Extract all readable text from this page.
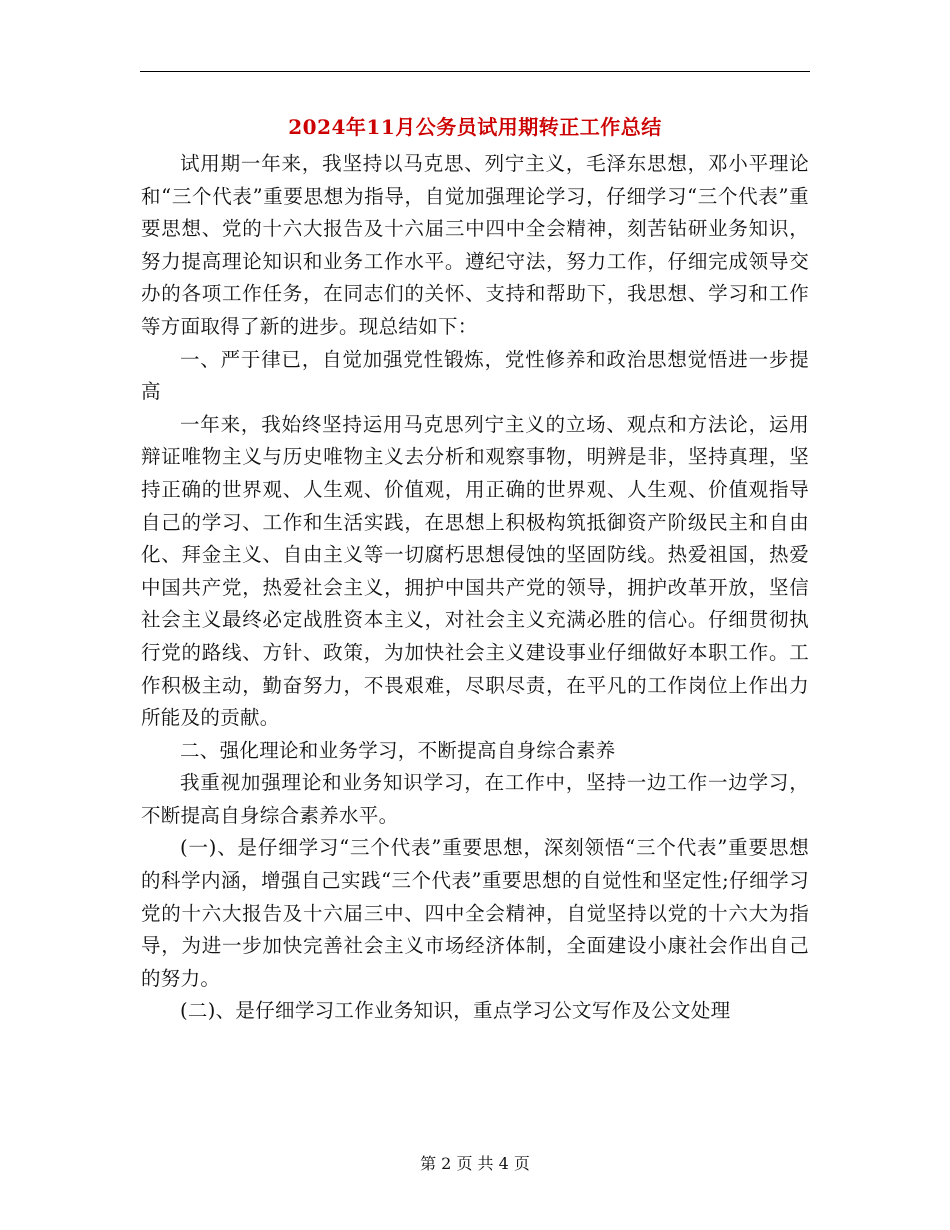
2024年11月公务员试用期转正工作总结

试用期一年来，我坚持以马克思、列宁主义，毛泽东思想，邓小平理论和“三个代表”重要思想为指导，自觉加强理论学习，仔细学习“三个代表”重要思想、党的十六大报告及十六届三中四中全会精神，刻苦钻研业务知识，努力提高理论知识和业务工作水平。遵纪守法，努力工作，仔细完成领导交办的各项工作任务，在同志们的关怀、支持和帮助下，我思想、学习和工作等方面取得了新的进步。现总结如下：

一、严于律已，自觉加强党性锻炼，党性修养和政治思想觉悟进一步提高

一年来，我始终坚持运用马克思列宁主义的立场、观点和方法论，运用辩证唯物主义与历史唯物主义去分析和观察事物，明辨是非，坚持真理，坚持正确的世界观、人生观、价值观，用正确的世界观、人生观、价值观指导自己的学习、工作和生活实践，在思想上积极构筑抵御资产阶级民主和自由化、拜金主义、自由主义等一切腐朽思想侵蚀的坚固防线。热爱祖国，热爱中国共产党，热爱社会主义，拥护中国共产党的领导，拥护改革开放，坚信社会主义最终必定战胜资本主义，对社会主义充满必胜的信心。仔细贯彻执行党的路线、方针、政策，为加快社会主义建设事业仔细做好本职工作。工作积极主动，勤奋努力，不畏艰难，尽职尽责，在平凡的工作岗位上作出力所能及的贡献。

二、强化理论和业务学习，不断提高自身综合素养

我重视加强理论和业务知识学习，在工作中，坚持一边工作一边学习，不断提高自身综合素养水平。

(一)、是仔细学习“三个代表”重要思想，深刻领悟“三个代表”重要思想的科学内涵，增强自己实践“三个代表”重要思想的自觉性和坚定性;仔细学习党的十六大报告及十六届三中、四中全会精神，自觉坚持以党的十六大为指导，为进一步加快完善社会主义市场经济体制，全面建设小康社会作出自己的努力。

(二)、是仔细学习工作业务知识，重点学习公文写作及公文处理

第 2 页 共 4 页
